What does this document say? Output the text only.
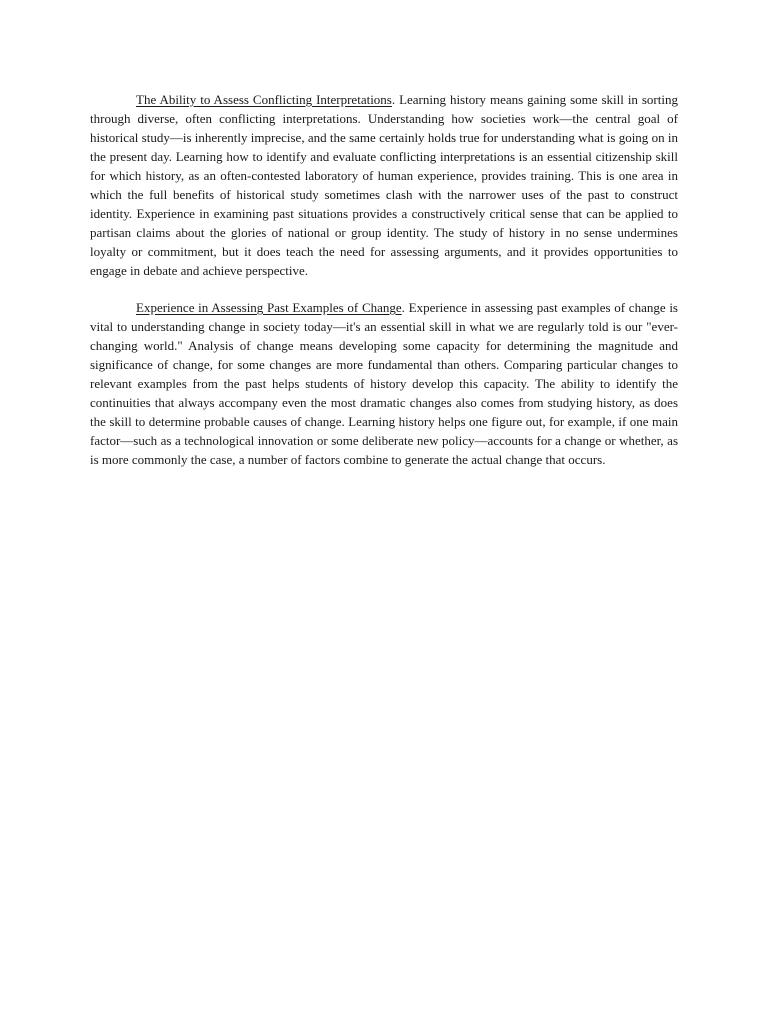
The Ability to Assess Conflicting Interpretations. Learning history means gaining some skill in sorting through diverse, often conflicting interpretations. Understanding how societies work—the central goal of historical study—is inherently imprecise, and the same certainly holds true for understanding what is going on in the present day. Learning how to identify and evaluate conflicting interpretations is an essential citizenship skill for which history, as an often-contested laboratory of human experience, provides training. This is one area in which the full benefits of historical study sometimes clash with the narrower uses of the past to construct identity. Experience in examining past situations provides a constructively critical sense that can be applied to partisan claims about the glories of national or group identity. The study of history in no sense undermines loyalty or commitment, but it does teach the need for assessing arguments, and it provides opportunities to engage in debate and achieve perspective.

Experience in Assessing Past Examples of Change. Experience in assessing past examples of change is vital to understanding change in society today—it's an essential skill in what we are regularly told is our "ever-changing world." Analysis of change means developing some capacity for determining the magnitude and significance of change, for some changes are more fundamental than others. Comparing particular changes to relevant examples from the past helps students of history develop this capacity. The ability to identify the continuities that always accompany even the most dramatic changes also comes from studying history, as does the skill to determine probable causes of change. Learning history helps one figure out, for example, if one main factor—such as a technological innovation or some deliberate new policy—accounts for a change or whether, as is more commonly the case, a number of factors combine to generate the actual change that occurs.
